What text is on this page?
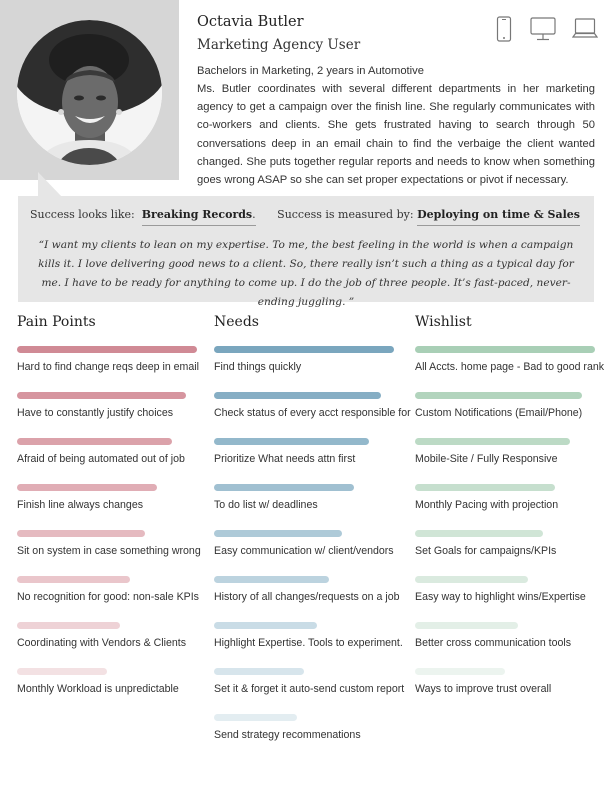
Octavia Butler
Marketing Agency User
Bachelors in Marketing, 2 years in Automotive
Ms. Butler coordinates with several different departments in her marketing agency to get a campaign over the finish line. She regularly communicates with co-workers and clients. She gets frustrated having to search through 50 conversations deep in an email chain to find the verbaige the client wanted changed. She puts together regular reports and needs to know when something goes wrong ASAP so she can set proper expectations or pivot if necessary.
Success looks like: Breaking Records. Success is measured by: Deploying on time & Sales
“I want my clients to lean on my expertise. To me, the best feeling in the world is when a campaign kills it. I love delivering good news to a client. So, there really isn’t such a thing as a typical day for me. I have to be ready for anything to come up. I do the job of three people. It’s fast-paced, never-ending juggling. ”
Pain Points
Hard to find change reqs deep in email
Have to constantly justify choices
Afraid of being automated out of job
Finish line always changes
Sit on system in case something wrong
No recognition for good: non-sale KPIs
Coordinating with Vendors & Clients
Monthly Workload is unpredictable
Needs
Find things quickly
Check status of every acct responsible for
Prioritize What needs attn first
To do list w/ deadlines
Easy communication w/ client/vendors
History of all changes/requests on a job
Highlight Expertise. Tools to experiment.
Set it & forget it auto-send custom report
Send strategy recommenations
Wishlist
All Accts. home page - Bad to good rank
Custom Notifications (Email/Phone)
Mobile-Site / Fully Responsive
Monthly Pacing with projection
Set Goals for campaigns/KPIs
Easy way to highlight wins/Expertise
Better cross communication tools
Ways to improve trust overall
